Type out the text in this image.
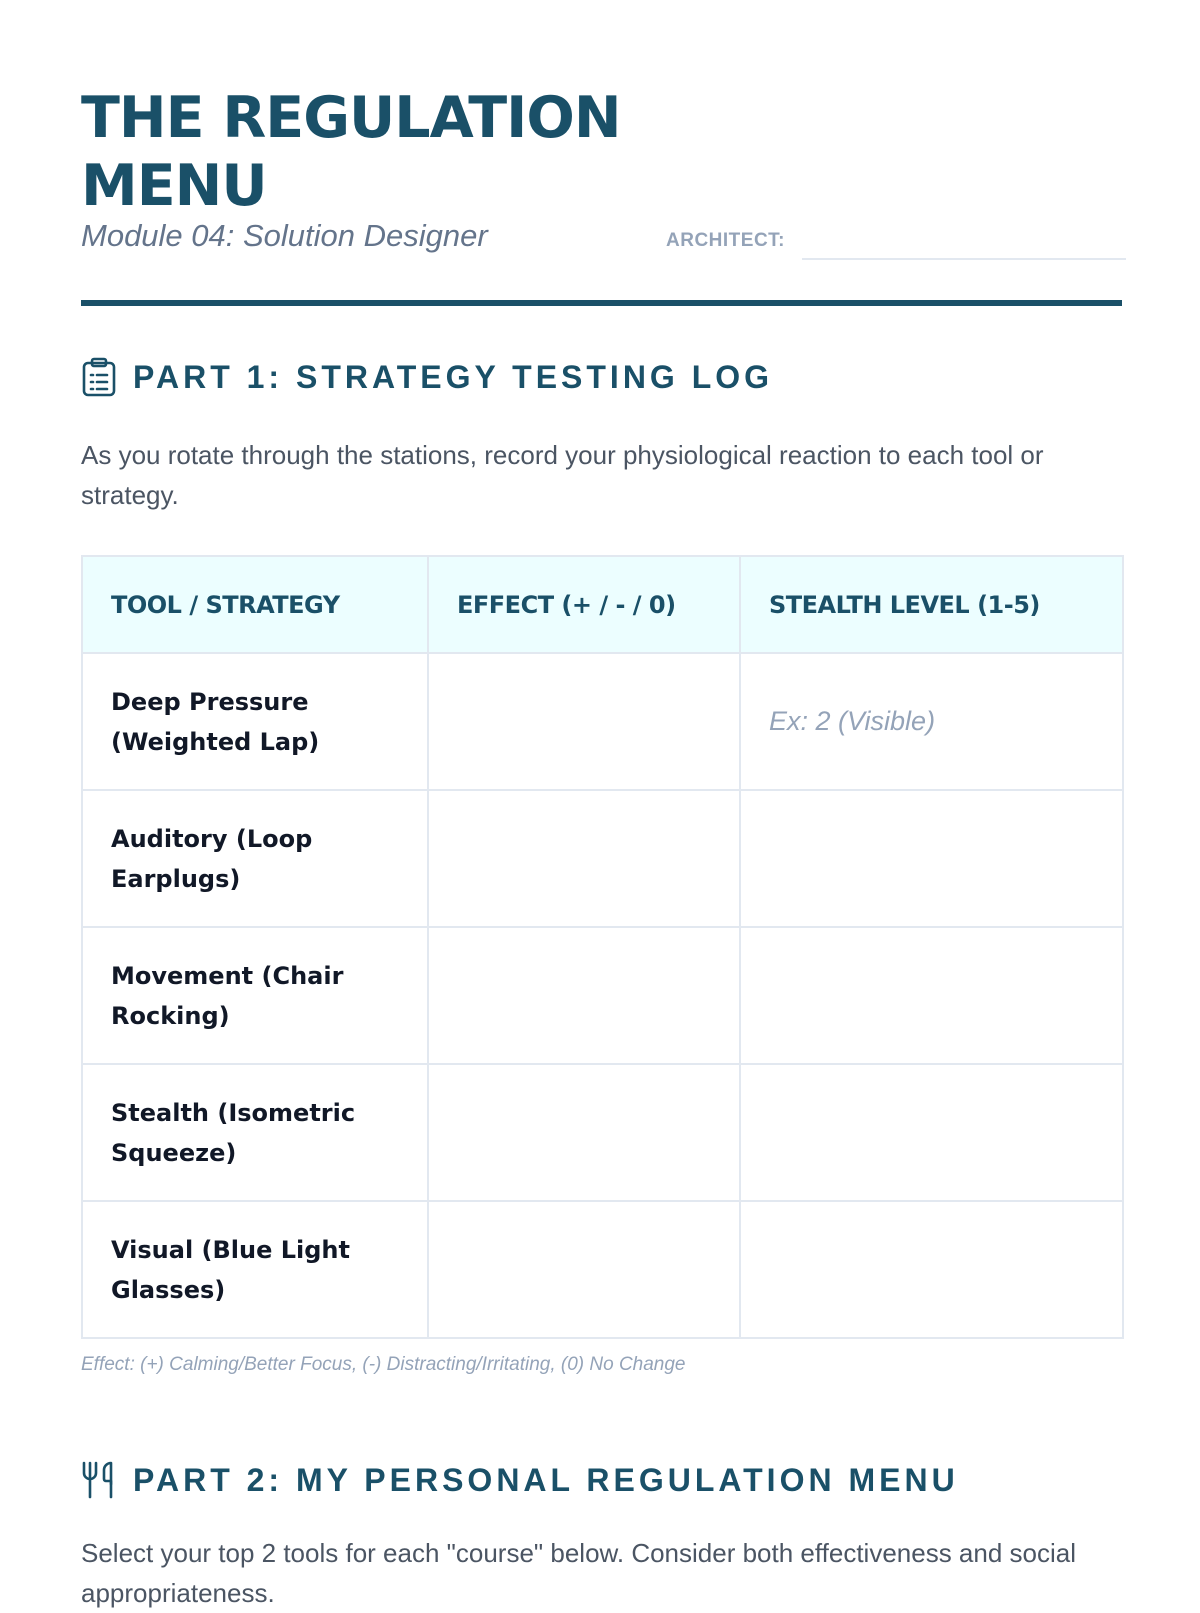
THE REGULATION MENU
Module 04: Solution Designer	ARCHITECT:
PART 1: STRATEGY TESTING LOG
As you rotate through the stations, record your physiological reaction to each tool or strategy.
TOOL / STRATEGY	EFFECT (+ / - / 0)	STEALTH LEVEL (1-5)
Deep Pressure (Weighted Lap)		Ex: 2 (Visible)
Auditory (Loop Earplugs)		
Movement (Chair Rocking)		
Stealth (Isometric Squeeze)		
Visual (Blue Light Glasses)		
Effect: (+) Calming/Better Focus, (-) Distracting/Irritating, (0) No Change
PART 2: MY PERSONAL REGULATION MENU
Select your top 2 tools for each "course" below. Consider both effectiveness and social appropriateness.
